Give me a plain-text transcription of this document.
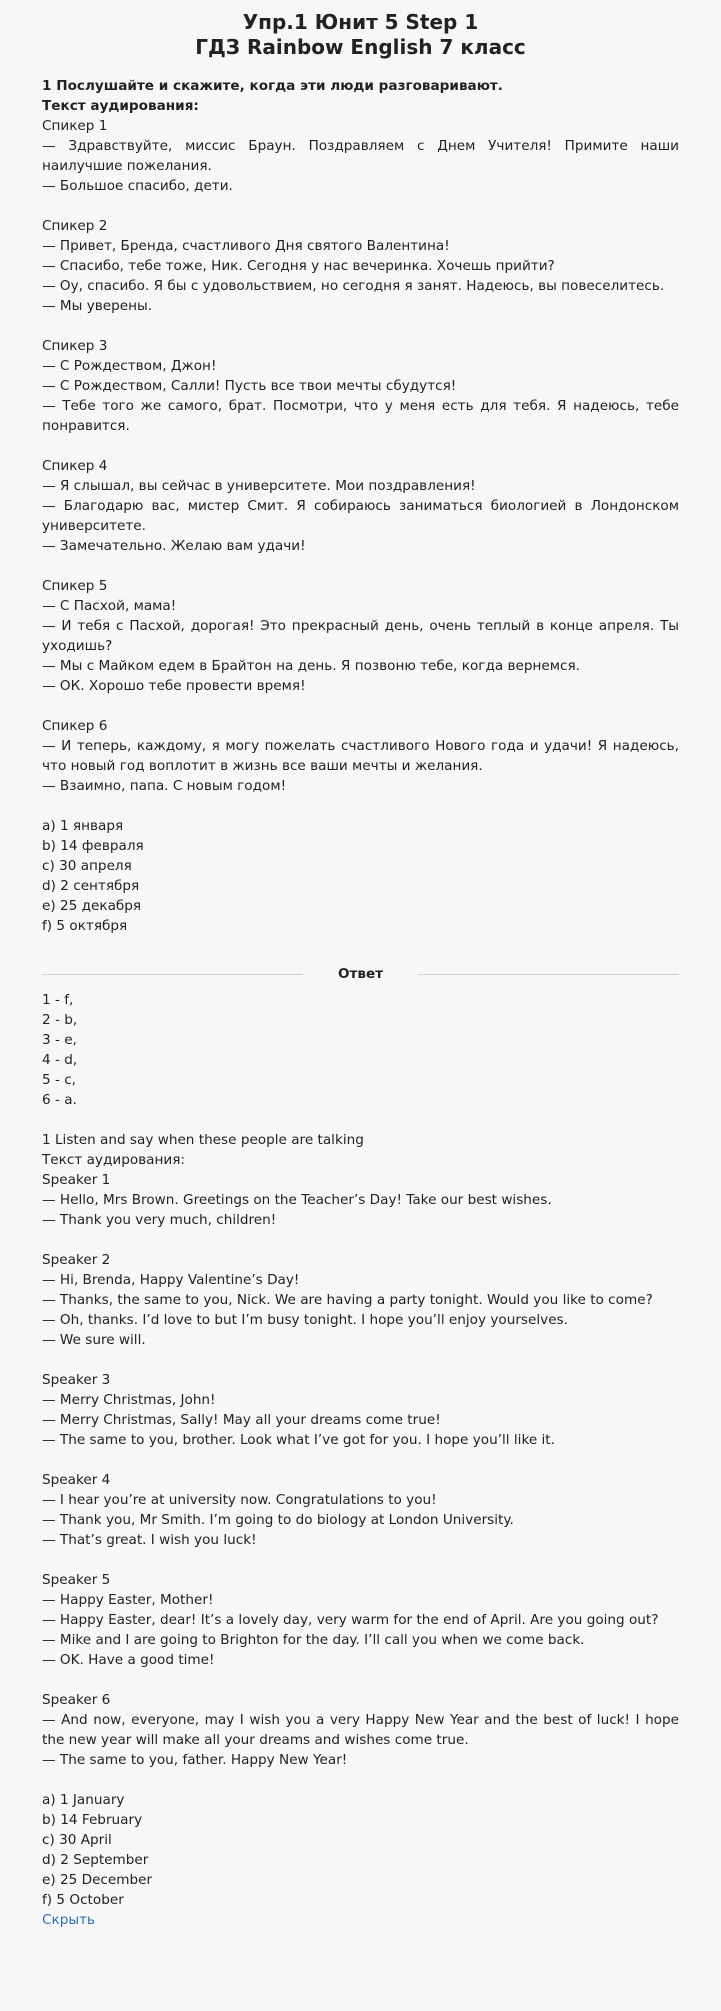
Упр.1 Юнит 5 Step 1
ГДЗ Rainbow English 7 класс

1 Послушайте и скажите, когда эти люди разговаривают.

Текст аудирования:

Спикер 1

— Здравствуйте, миссис Браун. Поздравляем с Днем Учителя! Примите наши наилучшие пожелания.

— Большое спасибо, дети.

Спикер 2

— Привет, Бренда, счастливого Дня святого Валентина!

— Спасибо, тебе тоже, Ник. Сегодня у нас вечеринка. Хочешь прийти?

— Оу, спасибо. Я бы с удовольствием, но сегодня я занят. Надеюсь, вы повеселитесь.

— Мы уверены.

Спикер 3

— С Рождеством, Джон!

— С Рождеством, Салли! Пусть все твои мечты сбудутся!

— Тебе того же самого, брат. Посмотри, что у меня есть для тебя. Я надеюсь, тебе понравится.

Спикер 4

— Я слышал, вы сейчас в университете. Мои поздравления!

— Благодарю вас, мистер Смит. Я собираюсь заниматься биологией в Лондонском университете.

— Замечательно. Желаю вам удачи!

Спикер 5

— С Пасхой, мама!

— И тебя с Пасхой, дорогая! Это прекрасный день, очень теплый в конце апреля. Ты уходишь?

— Мы с Майком едем в Брайтон на день. Я позвоню тебе, когда вернемся.

— ОК. Хорошо тебе провести время!

Спикер 6

— И теперь, каждому, я могу пожелать счастливого Нового года и удачи! Я надеюсь, что новый год воплотит в жизнь все ваши мечты и желания.

— Взаимно, папа. С новым годом!

a) 1 января

b) 14 февраля

c) 30 апреля

d) 2 сентября

e) 25 декабря

f) 5 октября

Ответ

1 - f,

2 - b,

3 - e,

4 - d,

5 - c,

6 - a.

1 Listen and say when these people are talking

Текст аудирования:

Speaker 1

— Hello, Mrs Brown. Greetings on the Teacher’s Day! Take our best wishes.

— Thank you very much, children!

Speaker 2

— Hi, Brenda, Happy Valentine’s Day!

— Thanks, the same to you, Nick. We are having a party tonight. Would you like to come?

— Oh, thanks. I’d love to but I’m busy tonight. I hope you’ll enjoy yourselves.

— We sure will.

Speaker 3

— Merry Christmas, John!

— Merry Christmas, Sally! May all your dreams come true!

— The same to you, brother. Look what I’ve got for you. I hope you’ll like it.

Speaker 4

— I hear you’re at university now. Congratulations to you!

— Thank you, Mr Smith. I’m going to do biology at London University.

— That’s great. I wish you luck!

Speaker 5

— Happy Easter, Mother!

— Happy Easter, dear! It’s a lovely day, very warm for the end of April. Are you going out?

— Mike and I are going to Brighton for the day. I’ll call you when we come back.

— OK. Have a good time!

Speaker 6

— And now, everyone, may I wish you a very Happy New Year and the best of luck! I hope the new year will make all your dreams and wishes come true.

— The same to you, father. Happy New Year!

a) 1 January

b) 14 February

c) 30 April

d) 2 September

e) 25 December

f) 5 October

Скрыть
